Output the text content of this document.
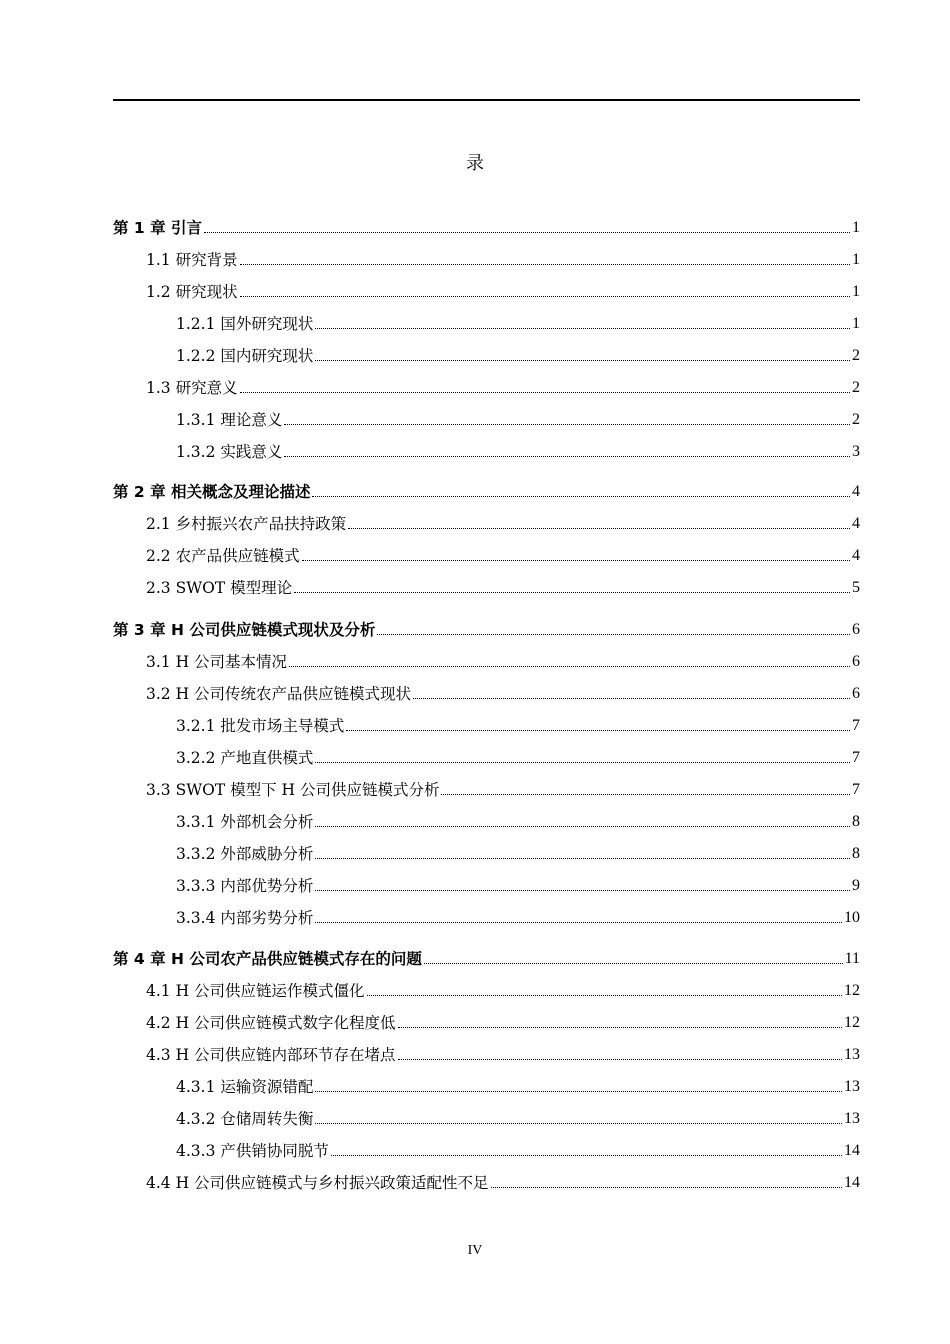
录
第 1 章 引言	1
1.1 研究背景	1
1.2 研究现状	1
1.2.1 国外研究现状	1
1.2.2 国内研究现状	2
1.3 研究意义	2
1.3.1 理论意义	2
1.3.2 实践意义	3
第 2 章 相关概念及理论描述	4
2.1 乡村振兴农产品扶持政策	4
2.2 农产品供应链模式	4
2.3 SWOT 模型理论	5
第 3 章 H 公司供应链模式现状及分析	6
3.1 H 公司基本情况	6
3.2 H 公司传统农产品供应链模式现状	6
3.2.1 批发市场主导模式	7
3.2.2 产地直供模式	7
3.3 SWOT 模型下 H 公司供应链模式分析	7
3.3.1 外部机会分析	8
3.3.2 外部威胁分析	8
3.3.3 内部优势分析	9
3.3.4 内部劣势分析	10
第 4 章 H 公司农产品供应链模式存在的问题	11
4.1 H 公司供应链运作模式僵化	12
4.2 H 公司供应链模式数字化程度低	12
4.3 H 公司供应链内部环节存在堵点	13
4.3.1 运输资源错配	13
4.3.2 仓储周转失衡	13
4.3.3 产供销协同脱节	14
4.4 H 公司供应链模式与乡村振兴政策适配性不足	14
IV
